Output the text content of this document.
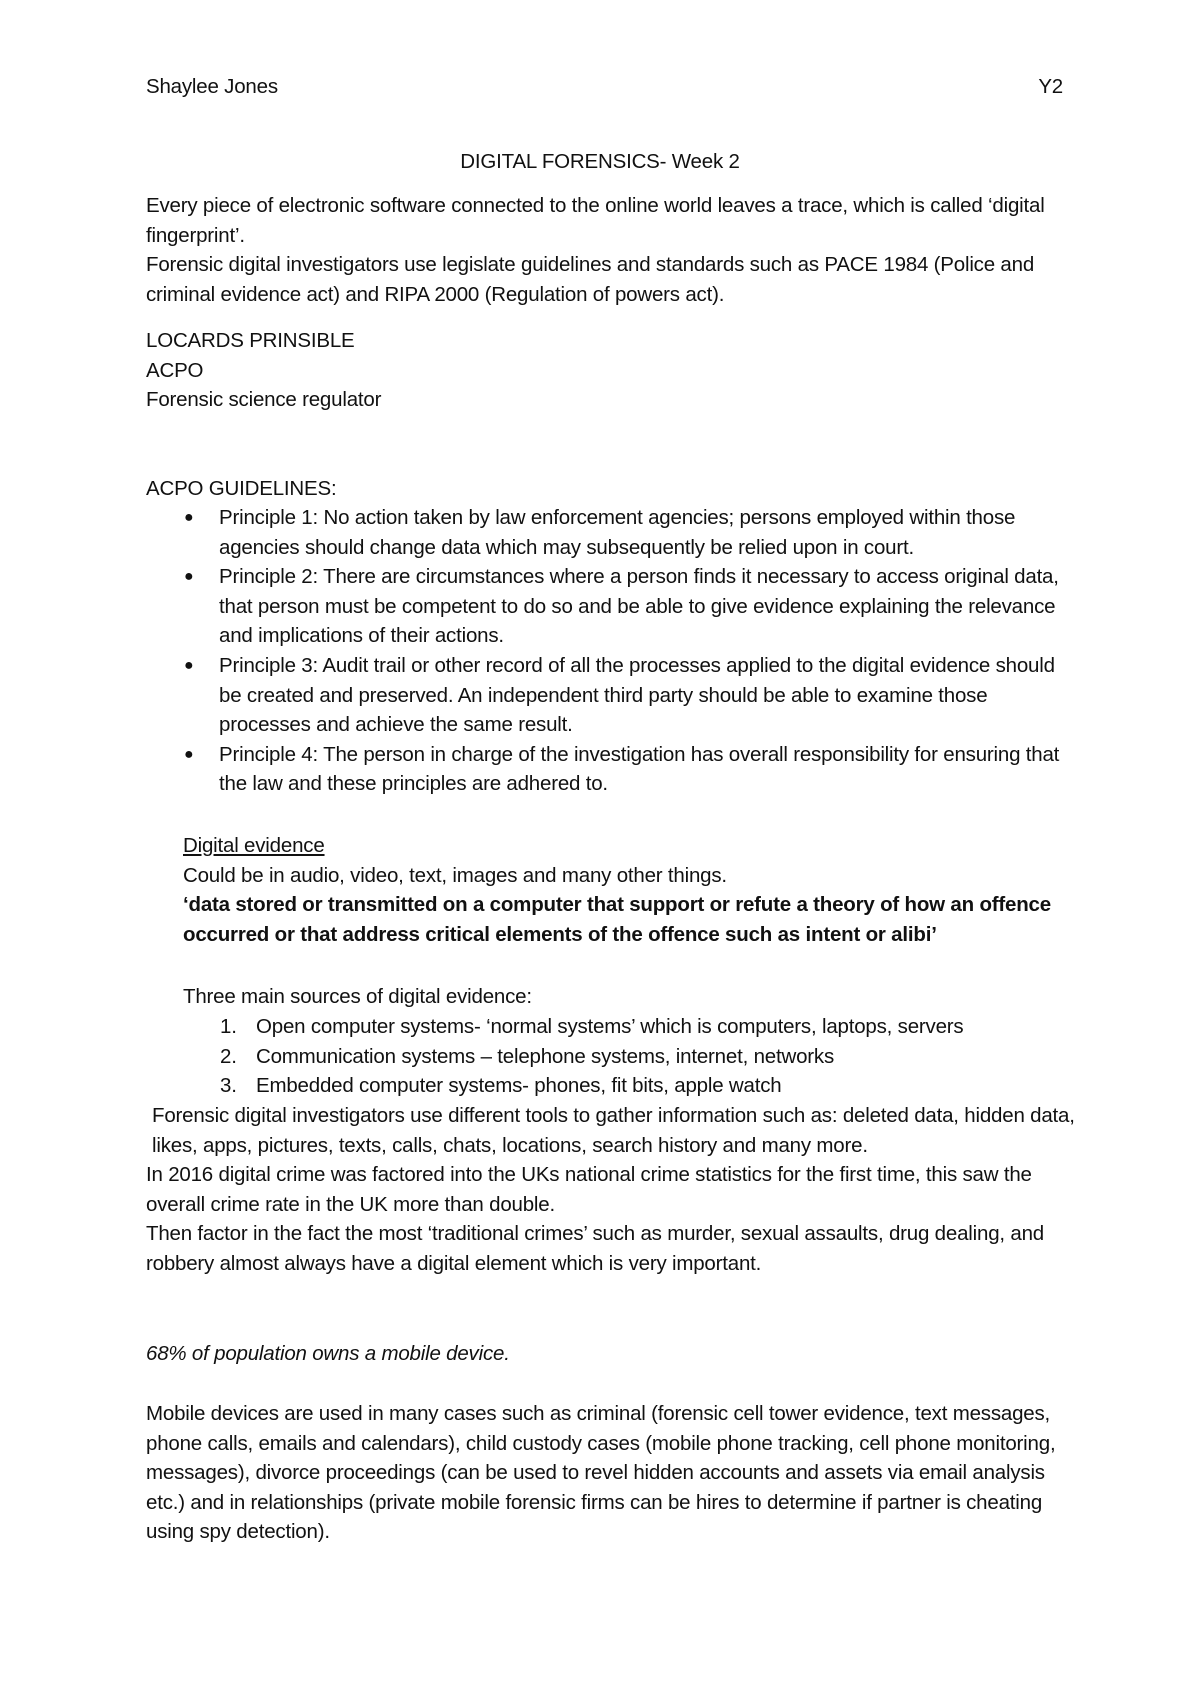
Shaylee Jones	Y2
DIGITAL FORENSICS- Week 2
Every piece of electronic software connected to the online world leaves a trace, which is called ‘digital fingerprint’.
Forensic digital investigators use legislate guidelines and standards such as PACE 1984 (Police and criminal evidence act) and RIPA 2000 (Regulation of powers act).
LOCARDS PRINSIBLE
ACPO
Forensic science regulator
ACPO GUIDELINES:
● Principle 1: No action taken by law enforcement agencies; persons employed within those agencies should change data which may subsequently be relied upon in court.
● Principle 2: There are circumstances where a person finds it necessary to access original data, that person must be competent to do so and be able to give evidence explaining the relevance and implications of their actions.
● Principle 3: Audit trail or other record of all the processes applied to the digital evidence should be created and preserved. An independent third party should be able to examine those processes and achieve the same result.
● Principle 4: The person in charge of the investigation has overall responsibility for ensuring that the law and these principles are adhered to.
Digital evidence
Could be in audio, video, text, images and many other things.
‘data stored or transmitted on a computer that support or refute a theory of how an offence occurred or that address critical elements of the offence such as intent or alibi’
Three main sources of digital evidence:
1. Open computer systems- ‘normal systems’ which is computers, laptops, servers
2. Communication systems – telephone systems, internet, networks
3. Embedded computer systems- phones, fit bits, apple watch
Forensic digital investigators use different tools to gather information such as: deleted data, hidden data, likes, apps, pictures, texts, calls, chats, locations, search history and many more.
In 2016 digital crime was factored into the UKs national crime statistics for the first time, this saw the overall crime rate in the UK more than double.
Then factor in the fact the most ‘traditional crimes’ such as murder, sexual assaults, drug dealing, and robbery almost always have a digital element which is very important.
68% of population owns a mobile device.
Mobile devices are used in many cases such as criminal (forensic cell tower evidence, text messages, phone calls, emails and calendars), child custody cases (mobile phone tracking, cell phone monitoring, messages), divorce proceedings (can be used to revel hidden accounts and assets via email analysis etc.) and in relationships (private mobile forensic firms can be hires to determine if partner is cheating using spy detection).
